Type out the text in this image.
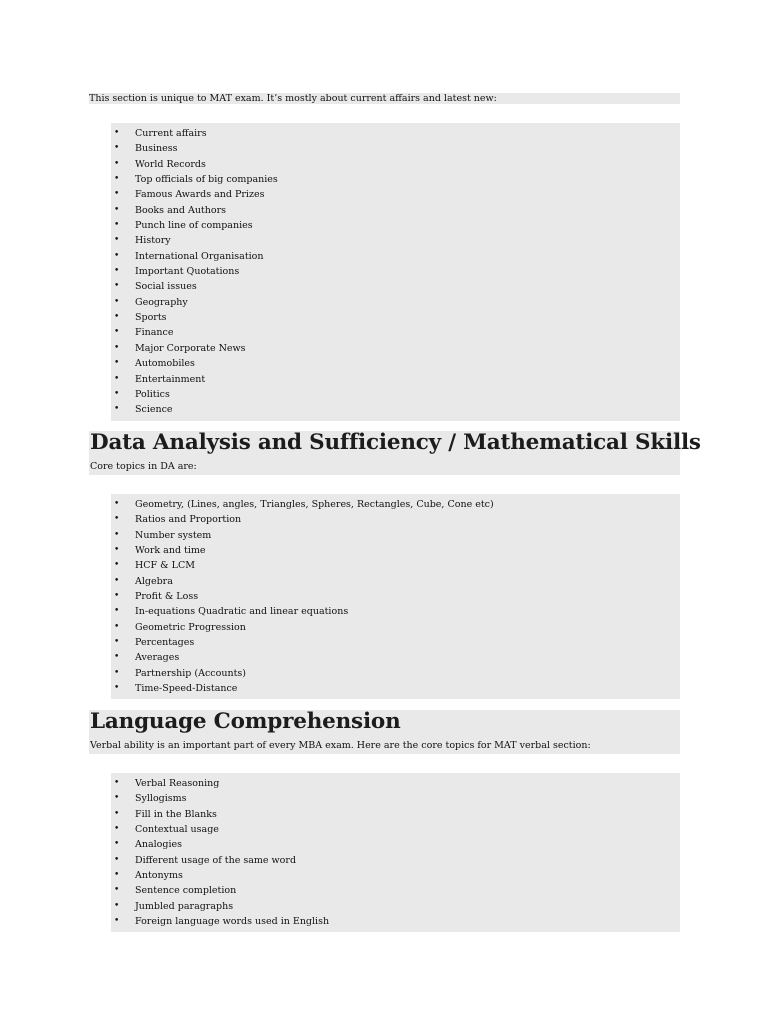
This section is unique to MAT exam. It’s mostly about current affairs and latest new:
• Current affairs
• Business
• World Records
• Top officials of big companies
• Famous Awards and Prizes
• Books and Authors
• Punch line of companies
• History
• International Organisation
• Important Quotations
• Social issues
• Geography
• Sports
• Finance
• Major Corporate News
• Automobiles
• Entertainment
• Politics
• Science
Data Analysis and Sufficiency / Mathematical Skills

Core topics in DA are:

• Geometry, (Lines, angles, Triangles, Spheres, Rectangles, Cube, Cone etc)
• Ratios and Proportion
• Number system
• Work and time
• HCF & LCM
• Algebra
• Profit & Loss
• In-equations Quadratic and linear equations
• Geometric Progression
• Percentages
• Averages
• Partnership (Accounts)
• Time-Speed-Distance
Language Comprehension

Verbal ability is an important part of every MBA exam. Here are the core topics for MAT verbal section:

• Verbal Reasoning
• Syllogisms
• Fill in the Blanks
• Contextual usage
• Analogies
• Different usage of the same word
• Antonyms
• Sentence completion
• Jumbled paragraphs
• Foreign language words used in English
